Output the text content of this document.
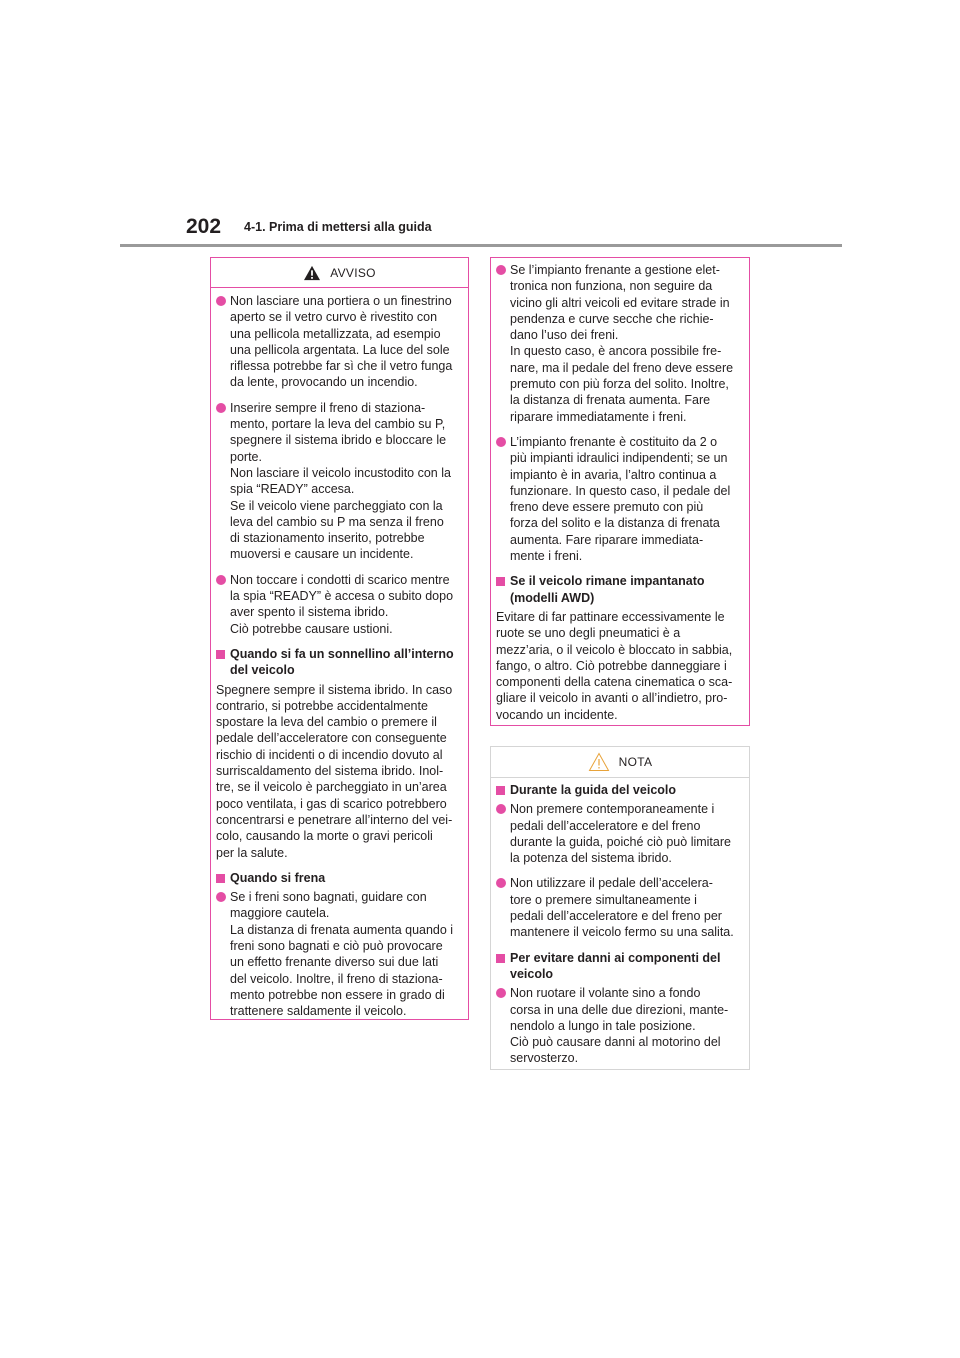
202 4-1. Prima di mettersi alla guida
AVVISO
Non lasciare una portiera o un finestrino
aperto se il vetro curvo è rivestito con
una pellicola metallizzata, ad esempio
una pellicola argentata. La luce del sole
riflessa potrebbe far sì che il vetro funga
da lente, provocando un incendio.
Inserire sempre il freno di staziona-
mento, portare la leva del cambio su P,
spegnere il sistema ibrido e bloccare le
porte.
Non lasciare il veicolo incustodito con la
spia “READY” accesa.
Se il veicolo viene parcheggiato con la
leva del cambio su P ma senza il freno
di stazionamento inserito, potrebbe
muoversi e causare un incidente.
Non toccare i condotti di scarico mentre
la spia “READY” è accesa o subito dopo
aver spento il sistema ibrido.
Ciò potrebbe causare ustioni.
Quando si fa un sonnellino all’interno
del veicolo
Spegnere sempre il sistema ibrido. In caso
contrario, si potrebbe accidentalmente
spostare la leva del cambio o premere il
pedale dell’acceleratore con conseguente
rischio di incidenti o di incendio dovuto al
surriscaldamento del sistema ibrido. Inol-
tre, se il veicolo è parcheggiato in un’area
poco ventilata, i gas di scarico potrebbero
concentrarsi e penetrare all’interno del vei-
colo, causando la morte o gravi pericoli
per la salute.
Quando si frena
Se i freni sono bagnati, guidare con
maggiore cautela.
La distanza di frenata aumenta quando i
freni sono bagnati e ciò può provocare
un effetto frenante diverso sui due lati
del veicolo. Inoltre, il freno di staziona-
mento potrebbe non essere in grado di
trattenere saldamente il veicolo.
Se l’impianto frenante a gestione elet-
tronica non funziona, non seguire da
vicino gli altri veicoli ed evitare strade in
pendenza e curve secche che richie-
dano l’uso dei freni.
In questo caso, è ancora possibile fre-
nare, ma il pedale del freno deve essere
premuto con più forza del solito. Inoltre,
la distanza di frenata aumenta. Fare
riparare immediatamente i freni.
L’impianto frenante è costituito da 2 o
più impianti idraulici indipendenti; se un
impianto è in avaria, l’altro continua a
funzionare. In questo caso, il pedale del
freno deve essere premuto con più
forza del solito e la distanza di frenata
aumenta. Fare riparare immediata-
mente i freni.
Se il veicolo rimane impantanato
(modelli AWD)
Evitare di far pattinare eccessivamente le
ruote se uno degli pneumatici è a
mezz’aria, o il veicolo è bloccato in sabbia,
fango, o altro. Ciò potrebbe danneggiare i
componenti della catena cinematica o sca-
gliare il veicolo in avanti o all’indietro, pro-
vocando un incidente.
NOTA
Durante la guida del veicolo
Non premere contemporaneamente i
pedali dell’acceleratore e del freno
durante la guida, poiché ciò può limitare
la potenza del sistema ibrido.
Non utilizzare il pedale dell’accelera-
tore o premere simultaneamente i
pedali dell’acceleratore e del freno per
mantenere il veicolo fermo su una salita.
Per evitare danni ai componenti del
veicolo
Non ruotare il volante sino a fondo
corsa in una delle due direzioni, mante-
nendolo a lungo in tale posizione.
Ciò può causare danni al motorino del
servosterzo.
